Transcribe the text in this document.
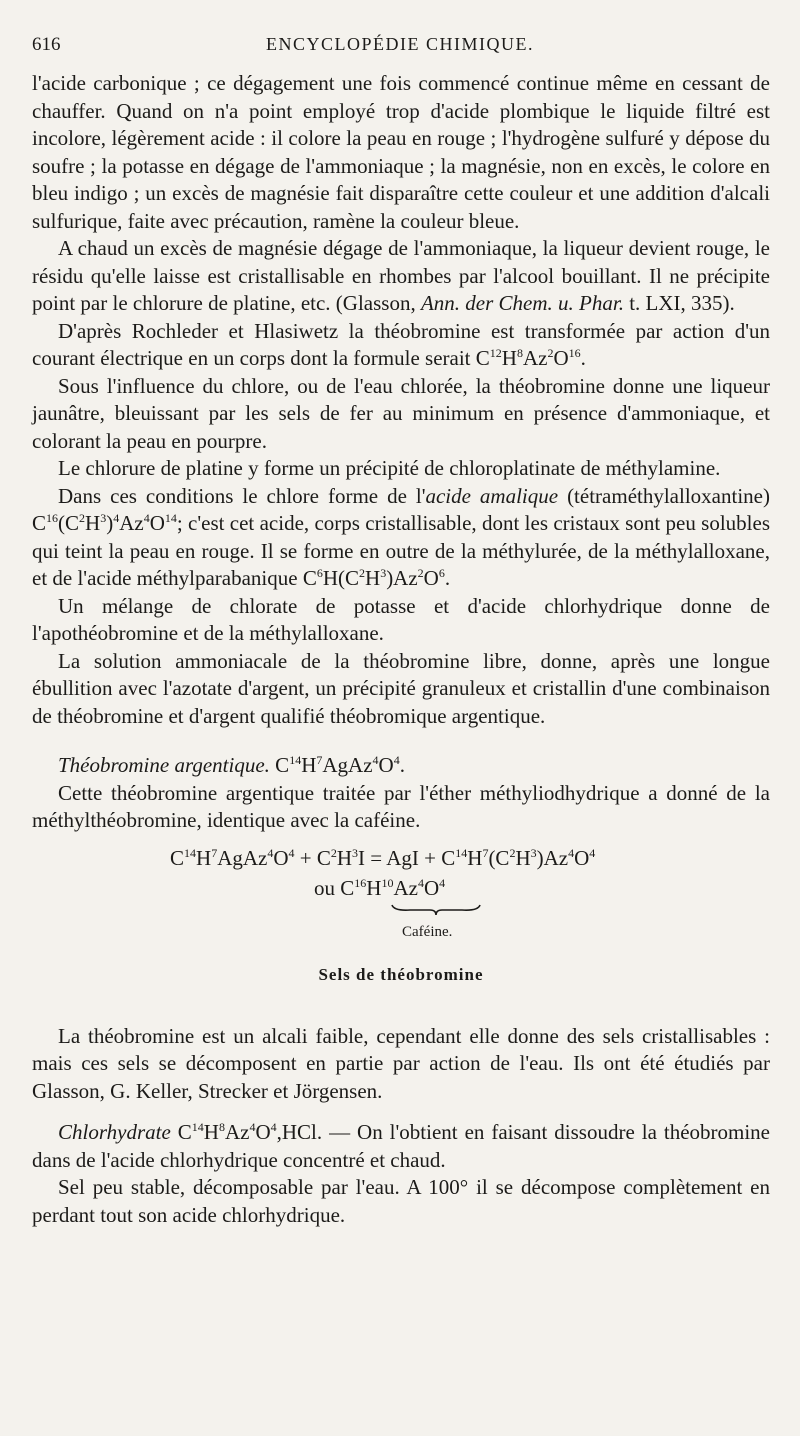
616	ENCYCLOPÉDIE CHIMIQUE.

l'acide carbonique ; ce dégagement une fois commencé continue même en cessant de chauffer. Quand on n'a point employé trop d'acide plombique le liquide filtré est incolore, légèrement acide : il colore la peau en rouge ; l'hydrogène sulfuré y dépose du soufre ; la potasse en dégage de l'ammoniaque ; la magnésie, non en excès, le colore en bleu indigo ; un excès de magnésie fait disparaître cette couleur et une addition d'alcali sulfurique, faite avec précaution, ramène la couleur bleue.

A chaud un excès de magnésie dégage de l'ammoniaque, la liqueur devient rouge, le résidu qu'elle laisse est cristallisable en rhombes par l'alcool bouillant. Il ne précipite point par le chlorure de platine, etc. (Glasson, Ann. der Chem. u. Phar. t. LXI, 335).

D'après Rochleder et Hlasiwetz la théobromine est transformée par action d'un courant électrique en un corps dont la formule serait $C^{12}H^8Az^2O^{16}$.

Sous l'influence du chlore, ou de l'eau chlorée, la théobromine donne une liqueur jaunâtre, bleuissant par les sels de fer au minimum en présence d'ammoniaque, et colorant la peau en pourpre.

Le chlorure de platine y forme un précipité de chloroplatinate de méthylamine.

Dans ces conditions le chlore forme de l'acide amalique (tétraméthylalloxantine) $C^{16}(C^2H^3)^4Az^4O^{14}$; c'est cet acide, corps cristallisable, dont les cristaux sont peu solubles qui teint la peau en rouge. Il se forme en outre de la méthylurée, de la méthylalloxane, et de l'acide méthylparabanique $C^6H(C^2H^3)Az^2O^6$.

Un mélange de chlorate de potasse et d'acide chlorhydrique donne de l'apothéobromine et de la méthylalloxane.

La solution ammoniacale de la théobromine libre, donne, après une longue ébullition avec l'azotate d'argent, un précipité granuleux et cristallin d'une combinaison de théobromine et d'argent qualifié théobromique argentique.

Théobromine argentique. $C^{14}H^7AgAz^4O^4$.

Cette théobromine argentique traitée par l'éther méthyliodhydrique a donné de la méthylthéobromine, identique avec la caféine.

$C^{14}H^7AgAz^4O^4 + C^2H^3I$ = AgI + $C^{14}H^7(C^2H^3)Az^4O^4$
ou $C^{16}H^{10}Az^4O^4$
Caféine.
Sels de théobromine

La théobromine est un alcali faible, cependant elle donne des sels cristallisables : mais ces sels se décomposent en partie par action de l'eau. Ils ont été étudiés par Glasson, G. Keller, Strecker et Jörgensen.

Chlorhydrate $C^{14}H^8Az^4O^4,HCl$. — On l'obtient en faisant dissoudre la théobromine dans de l'acide chlorhydrique concentré et chaud.

Sel peu stable, décomposable par l'eau. A 100° il se décompose complètement en perdant tout son acide chlorhydrique.
